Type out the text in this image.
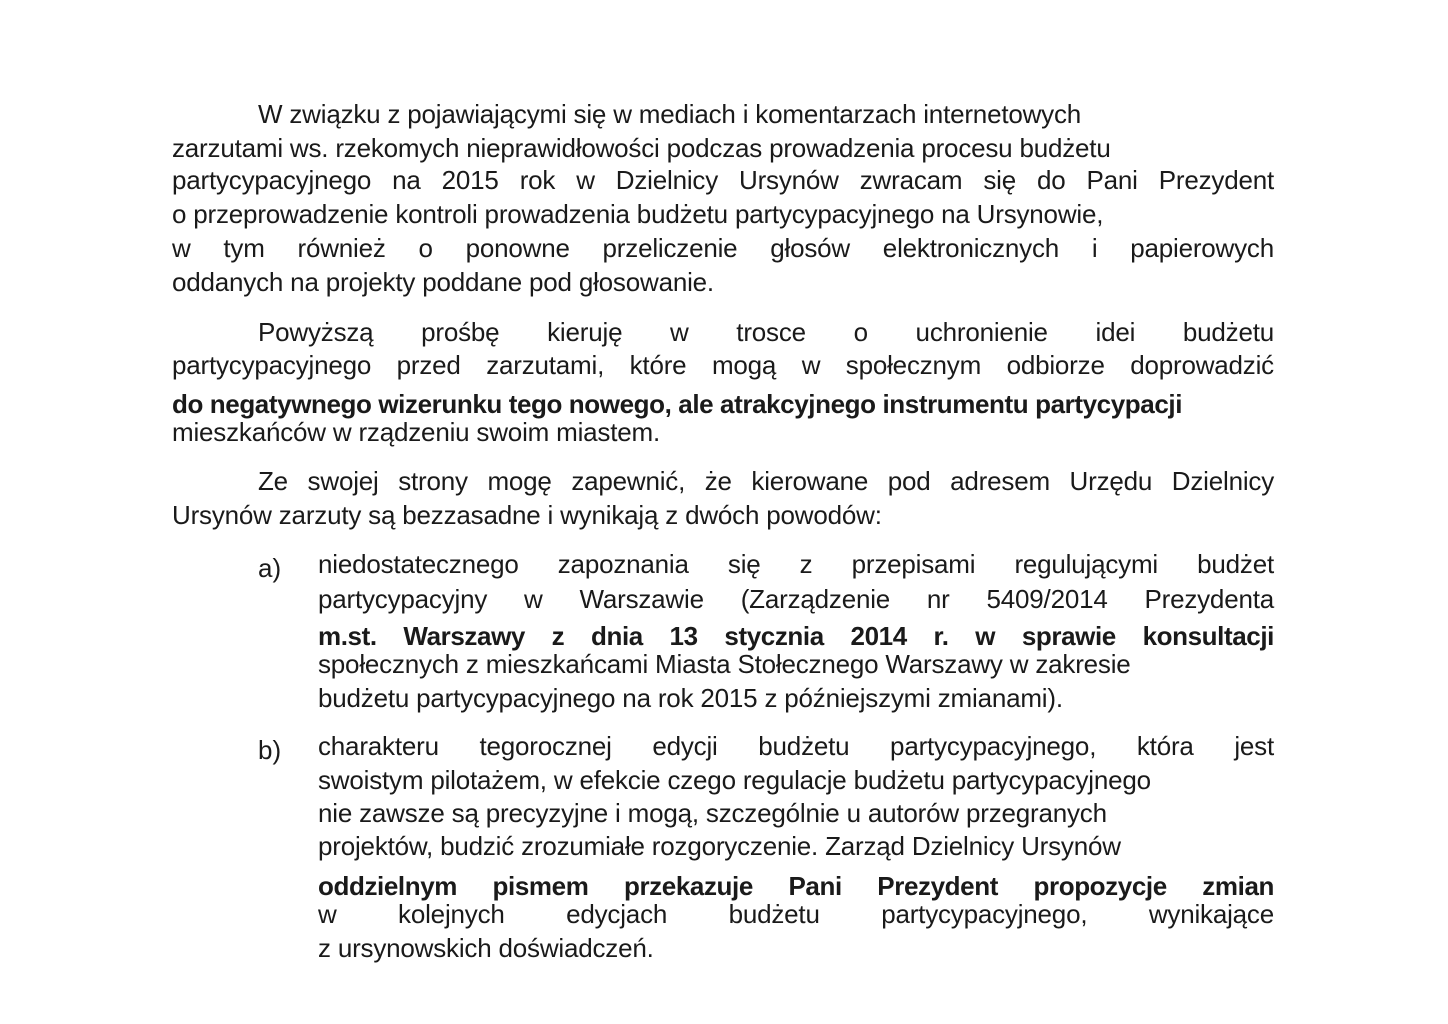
W związku z pojawiającymi się w mediach i komentarzach internetowych
zarzutami ws. rzekomych nieprawidłowości podczas prowadzenia procesu budżetu
partycypacyjnego na 2015 rok w Dzielnicy Ursynów zwracam się do Pani Prezydent
o przeprowadzenie kontroli prowadzenia budżetu partycypacyjnego na Ursynowie,
w tym również o ponowne przeliczenie głosów elektronicznych i papierowych
oddanych na projekty poddane pod głosowanie.
Powyższą prośbę kieruję w trosce o uchronienie idei budżetu
partycypacyjnego przed zarzutami, które mogą w społecznym odbiorze doprowadzić
do negatywnego wizerunku tego nowego, ale atrakcyjnego instrumentu partycypacji
mieszkańców w rządzeniu swoim miastem.
Ze swojej strony mogę zapewnić, że kierowane pod adresem Urzędu Dzielnicy
Ursynów zarzuty są bezzasadne i wynikają z dwóch powodów:
a) niedostatecznego zapoznania się z przepisami regulującymi budżet
partycypacyjny w Warszawie (Zarządzenie nr 5409/2014 Prezydenta
m.st. Warszawy z dnia 13 stycznia 2014 r. w sprawie konsultacji
społecznych z mieszkańcami Miasta Stołecznego Warszawy w zakresie
budżetu partycypacyjnego na rok 2015 z późniejszymi zmianami).
b) charakteru tegorocznej edycji budżetu partycypacyjnego, która jest
swoistym pilotażem, w efekcie czego regulacje budżetu partycypacyjnego
nie zawsze są precyzyjne i mogą, szczególnie u autorów przegranych
projektów, budzić zrozumiałe rozgoryczenie. Zarząd Dzielnicy Ursynów
oddzielnym pismem przekazuje Pani Prezydent propozycje zmian
w kolejnych edycjach budżetu partycypacyjnego, wynikające
z ursynowskich doświadczeń.
